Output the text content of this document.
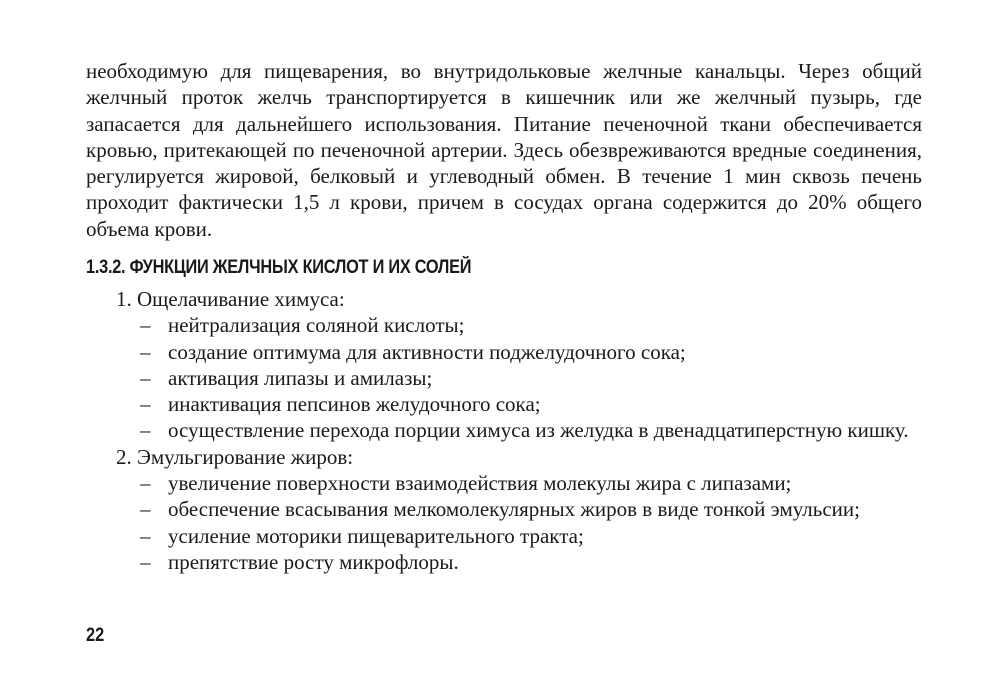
необходимую для пищеварения, во внутридольковые желчные канальцы. Через общий желчный проток желчь транспортируется в кишечник или же желчный пузырь, где запасается для дальнейшего использования. Питание печеночной ткани обеспечивается кровью, притекающей по печеночной артерии. Здесь обезвреживаются вредные соединения, регулируется жировой, белковый и углеводный обмен. В течение 1 мин сквозь печень проходит фактически 1,5 л крови, причем в сосудах органа содержится до 20% общего объема крови.

1.3.2. ФУНКЦИИ ЖЕЛЧНЫХ КИСЛОТ И ИХ СОЛЕЙ
1. Ощелачивание химуса:
– нейтрализация соляной кислоты;
– создание оптимума для активности поджелудочного сока;
– активация липазы и амилазы;
– инактивация пепсинов желудочного сока;
– осуществление перехода порции химуса из желудка в двенадцатиперстную кишку.
2. Эмульгирование жиров:
– увеличение поверхности взаимодействия молекулы жира с липазами;
– обеспечение всасывания мелкомолекулярных жиров в виде тонкой эмульсии;
– усиление моторики пищеварительного тракта;
– препятствие росту микрофлоры.
22
